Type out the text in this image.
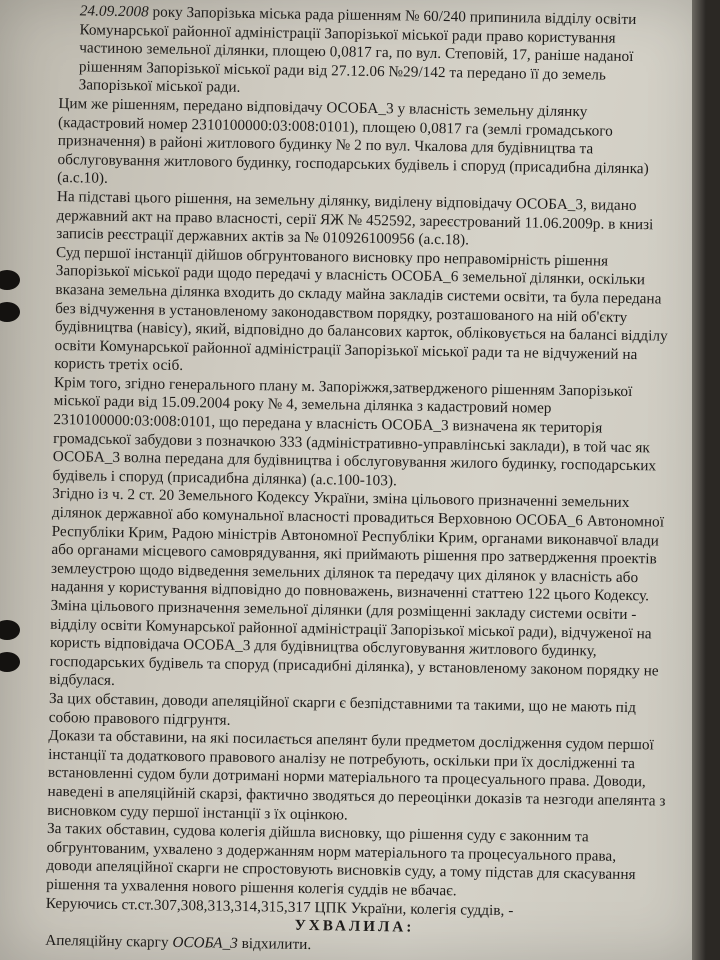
24.09.2008 року Запорізька міська рада рішенням № 60/240 припинила відділу освіти Комунарської районної адміністрації Запорізької міської ради право користування частиною земельної ділянки, площею 0,0817 га, по вул. Степовій, 17, раніше наданої рішенням Запорізької міської ради від 27.12.06 №29/142 та передано її до земель Запорізької міської ради.

Цим же рішенням, передано відповідачу ОСОБА_3 у власність земельну ділянку (кадастровий номер 2310100000:03:008:0101), площею 0,0817 га (землі громадського призначення) в районі житлового будинку № 2 по вул. Чкалова для будівництва та обслуговування житлового будинку, господарських будівель і споруд (присадибна ділянка) (а.с.10).

На підставі цього рішення, на земельну ділянку, виділену відповідачу ОСОБА_3, видано державний акт на право власності, серії ЯЖ № 452592, зареєстрований 11.06.2009р. в книзі записів реєстрації державних актів за № 010926100956 (а.с.18).

Суд першої інстанції дійшов обгрунтованого висновку про неправомірність рішення Запорізької міської ради щодо передачі у власність ОСОБА_6 земельної ділянки, оскільки вказана земельна ділянка входить до складу майна закладів системи освіти, та була передана без відчуження в установленому законодавством порядку, розташованого на ній об'єкту будівництва (навісу), який, відповідно до балансових карток, обліковується на балансі відділу освіти Комунарської районної адміністрації Запорізької міської ради та не відчужений на користь третіх осіб.

Крім того, згідно генерального плану м. Запоріжжя,затвердженого рішенням Запорізької міської ради від 15.09.2004 року № 4, земельна ділянка з кадастровий номер 2310100000:03:008:0101, що передана у власність ОСОБА_3 визначена як територія громадської забудови з позначкою 333 (адміністративно-управлінські заклади), в той час як ОСОБА_3 волна передана для будівництва і обслуговування жилого будинку, господарських будівель і споруд (присадибна ділянка) (а.с.100-103).

Згідно із ч. 2 ст. 20 Земельного Кодексу України, зміна цільового призначенні земельних ділянок державної або комунальної власності провадиться Верховною ОСОБА_6 Автономної Республіки Крим, Радою міністрів Автономної Республіки Крим, органами виконавчої влади або органами місцевого самоврядування, які приймають рішення про затвердження проектів землеустрою щодо відведення земельних ділянок та передачу цих ділянок у власність або надання у користування відповідно до повноважень, визначенні статтею 122 цього Кодексу.

Зміна цільового призначення земельної ділянки (для розміщенні закладу системи освіти - відділу освіти Комунарської районної адміністрації Запорізької міської ради), відчуженої на користь відповідача ОСОБА_3 для будівництва обслуговування житлового будинку, господарських будівель та споруд (присадибні ділянка), у встановленому законом порядку не відбулася.

За цих обставин, доводи апеляційної скарги є безпідставними та такими, що не мають під собою правового підгрунтя.

Докази та обставини, на які посилається апелянт були предметом дослідження судом першої інстанції та додаткового правового аналізу не потребують, оскільки при їх дослідженні та встановленні судом були дотримані норми матеріального та процесуального права. Доводи, наведені в апеляційній скарзі, фактично зводяться до переоцінки доказів та незгоди апелянта з висновком суду першої інстанції з їх оцінкою.

За таких обставин, судова колегія дійшла висновку, що рішення суду є законним та обгрунтованим, ухвалено з додержанням норм матеріального та процесуального права, доводи апеляційної скарги не спростовують висновків суду, а тому підстав для скасування рішення та ухвалення нового рішення колегія суддів не вбачає.

Керуючись ст.ст.307,308,313,314,315,317 ЦПК України, колегія суддів, -

УХВАЛИЛА:

Апеляційну скаргу ОСОБА_3 відхилити.
